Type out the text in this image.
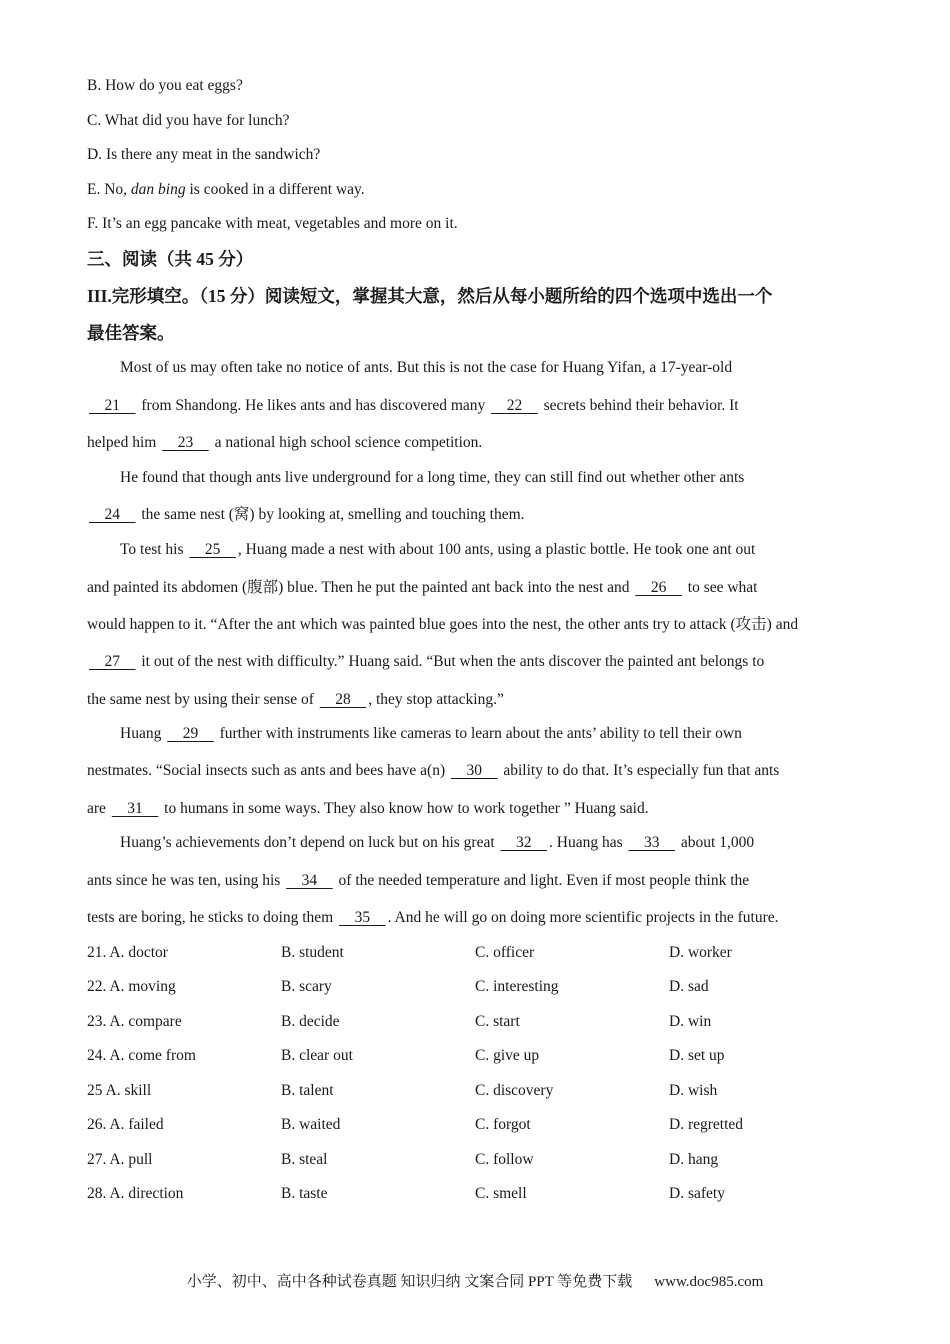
B. How do you eat eggs?
C. What did you have for lunch?
D. Is there any meat in the sandwich?
E. No, dan bing is cooked in a different way.
F. It’s an egg pancake with meat, vegetables and more on it.
三、阅读（共 45 分）
III.完形填空。（15 分）阅读短文，掌握其大意，然后从每小题所给的四个选项中选出一个
最佳答案。
Most of us may often take no notice of ants. But this is not the case for Huang Yifan, a 17-year-old
21     from Shandong. He likes ants and has discovered many     22     secrets behind their behavior. It
helped him     23     a national high school science competition.
He found that though ants live underground for a long time, they can still find out whether other ants
24     the same nest (窝) by looking at, smelling and touching them.
To test his     25 , Huang made a nest with about 100 ants, using a plastic bottle. He took one ant out
and painted its abdomen (腹部) blue. Then he put the painted ant back into the nest and     26     to see what
would happen to it. “After the ant which was painted blue goes into the nest, the other ants try to attack (攻击) and
27     it out of the nest with difficulty.” Huang said. “But when the ants discover the painted ant belongs to
the same nest by using their sense of     28 , they stop attacking.”
Huang     29     further with instruments like cameras to learn about the ants’ ability to tell their own
nestmates. “Social insects such as ants and bees have a(n)     30     ability to do that. It’s especially fun that ants
are     31     to humans in some ways. They also know how to work together ” Huang said.
Huang’s achievements don’t depend on luck but on his great     32 . Huang has     33     about 1,000
ants since he was ten, using his     34     of the needed temperature and light. Even if most people think the
tests are boring, he sticks to doing them     35 . And he will go on doing more scientific projects in the future.
21. A. doctor	B. student	C. officer	D. worker
22. A. moving	B. scary	C. interesting	D. sad
23. A. compare	B. decide	C. start	D. win
24. A. come from	B. clear out	C. give up	D. set up
25 A. skill	B. talent	C. discovery	D. wish
26. A. failed	B. waited	C. forgot	D. regretted
27. A. pull	B. steal	C. follow	D. hang
28. A. direction	B. taste	C. smell	D. safety
小学、初中、高中各种试卷真题 知识归纳 文案合同 PPT 等免费下载 www.doc985.com
